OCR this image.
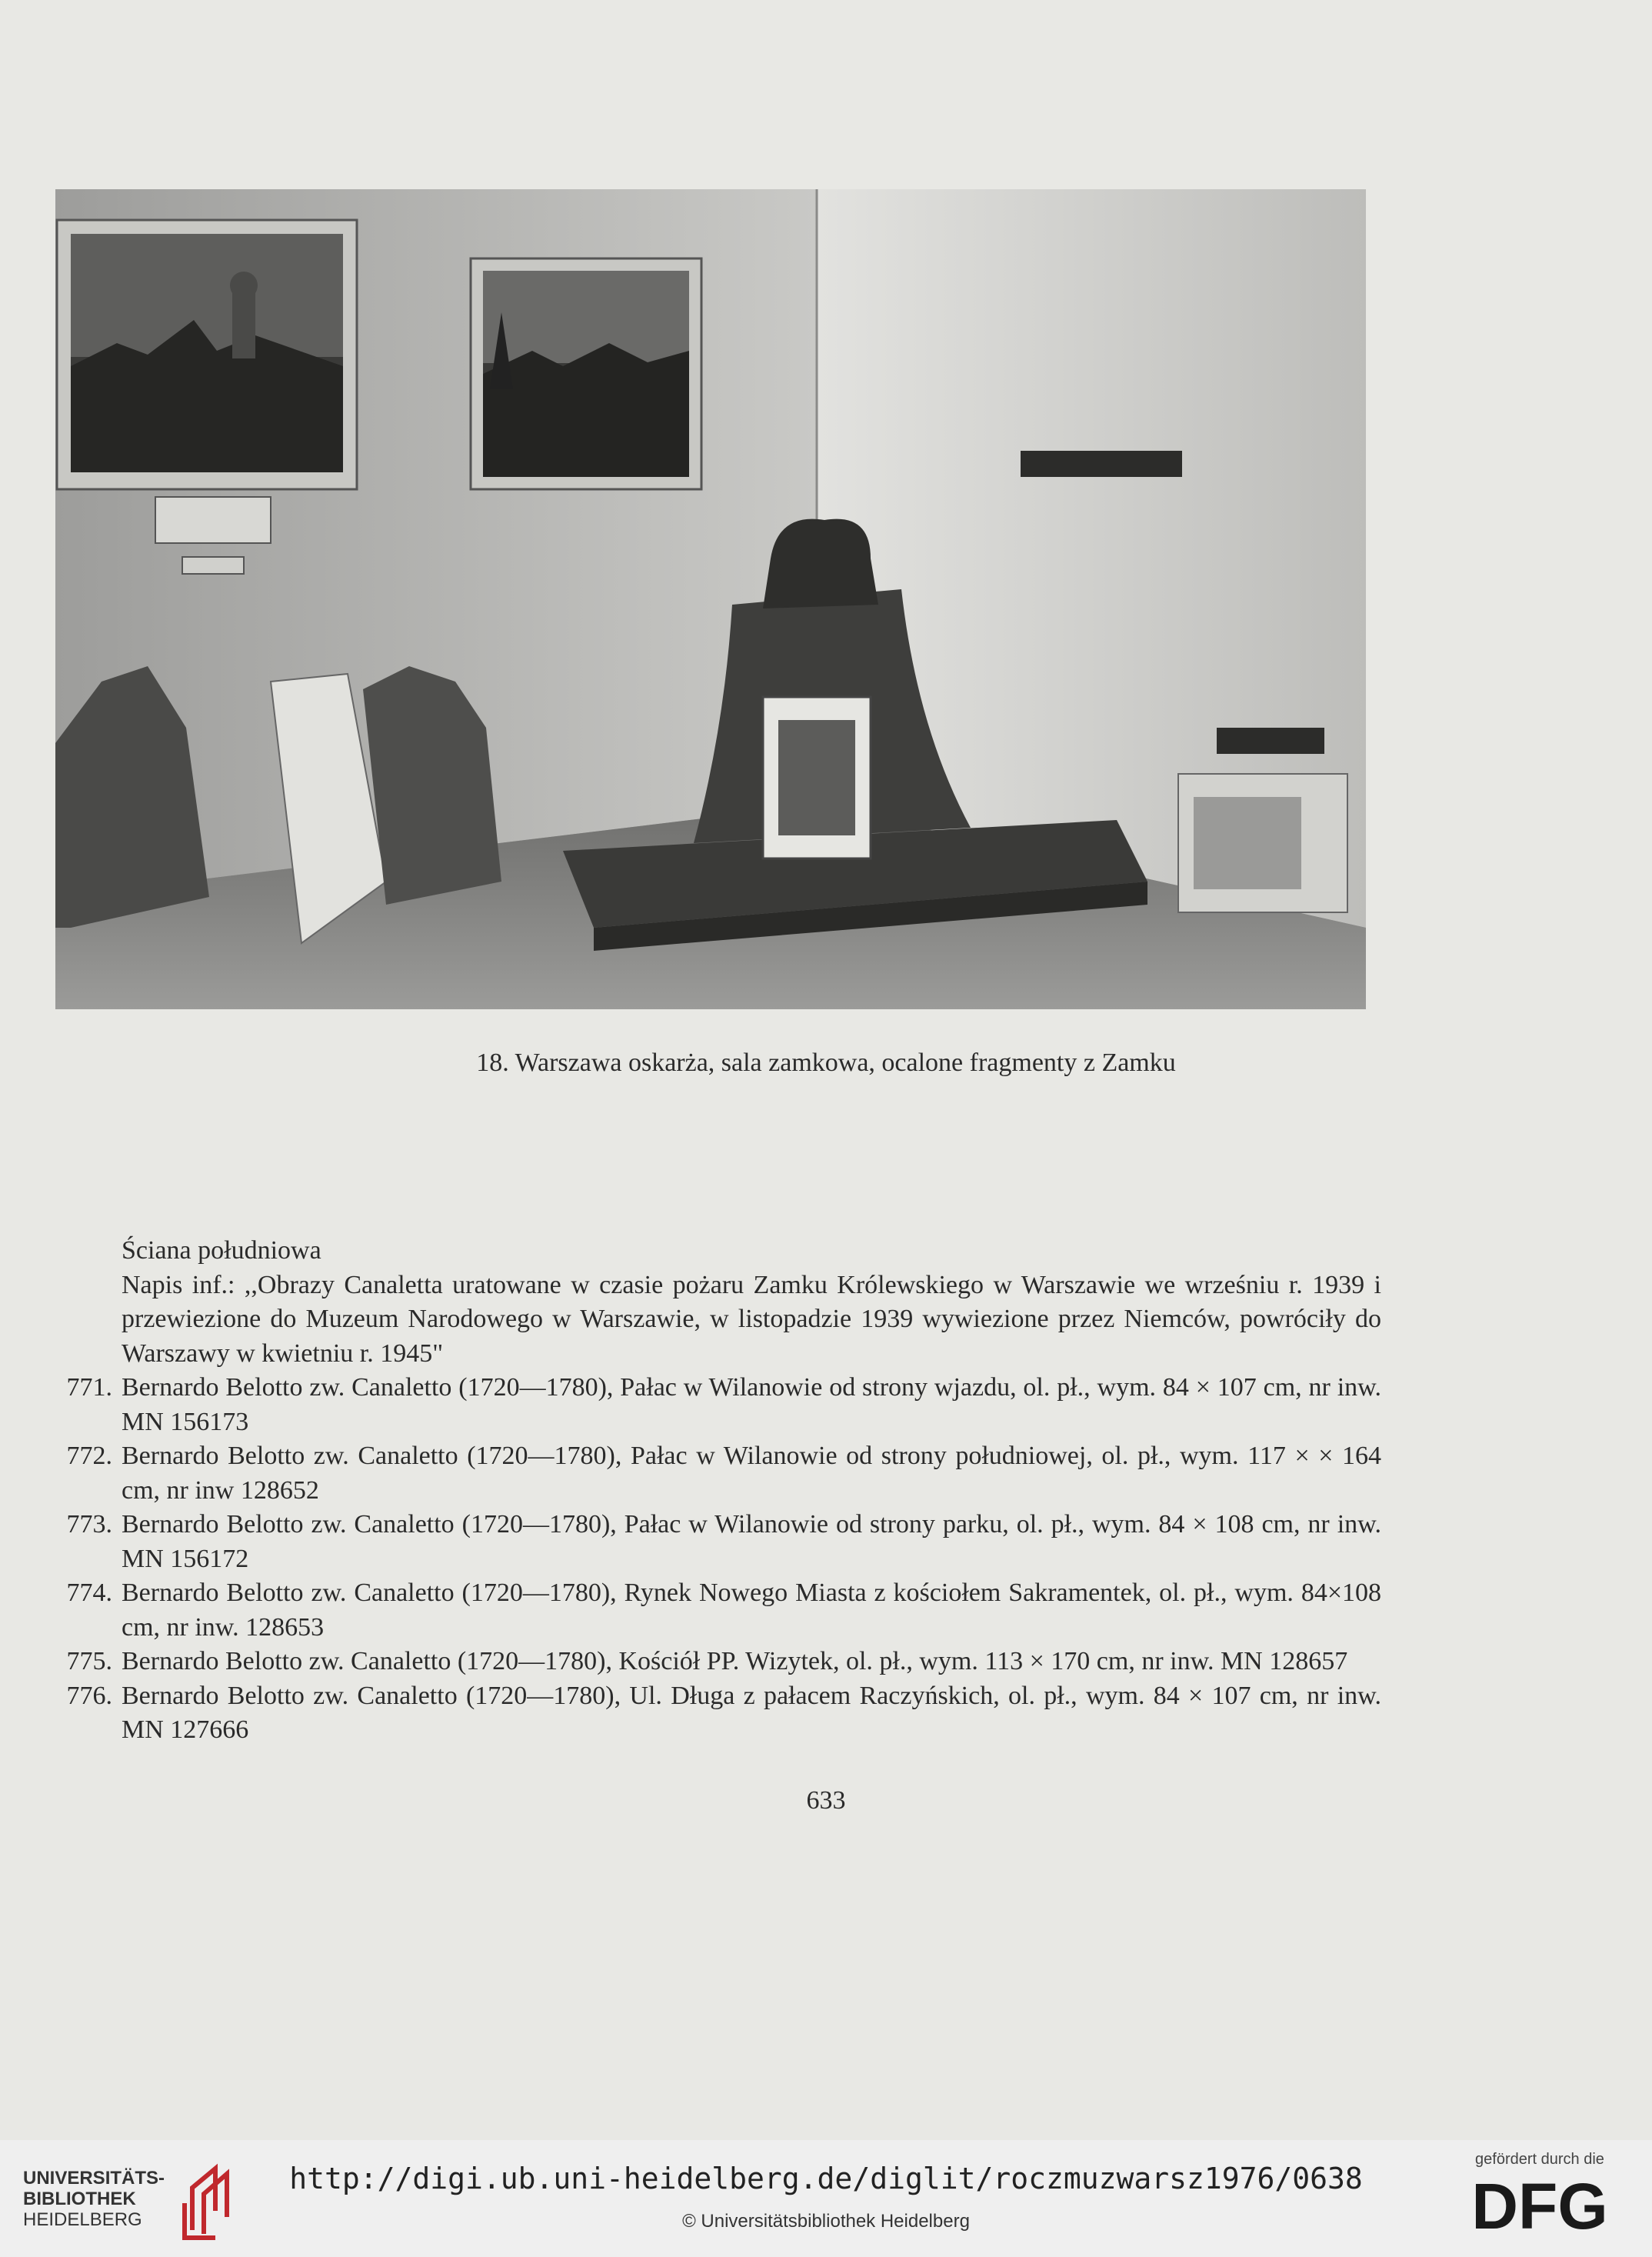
18. Warszawa oskarża, sala zamkowa, ocalone fragmenty z Zamku
Ściana południowa
Napis inf.: ,,Obrazy Canaletta uratowane w czasie pożaru Zamku Królewskiego w Warszawie we wrześniu r. 1939 i przewiezione do Muzeum Narodowego w Warszawie, w listopadzie 1939 wywiezione przez Niemców, powróciły do Warszawy w kwietniu r. 1945"
771. Bernardo Belotto zw. Canaletto (1720—1780), Pałac w Wilanowie od strony wjazdu, ol. pł., wym. 84 × 107 cm, nr inw. MN 156173
772. Bernardo Belotto zw. Canaletto (1720—1780), Pałac w Wilanowie od strony południowej, ol. pł., wym. 117 × × 164 cm, nr inw 128652
773. Bernardo Belotto zw. Canaletto (1720—1780), Pałac w Wilanowie od strony parku, ol. pł., wym. 84 × 108 cm, nr inw. MN 156172
774. Bernardo Belotto zw. Canaletto (1720—1780), Rynek Nowego Miasta z kościołem Sakramentek, ol. pł., wym. 84×108 cm, nr inw. 128653
775. Bernardo Belotto zw. Canaletto (1720—1780), Kościół PP. Wizytek, ol. pł., wym. 113 × 170 cm, nr inw. MN 128657
776. Bernardo Belotto zw. Canaletto (1720—1780), Ul. Długa z pałacem Raczyńskich, ol. pł., wym. 84 × 107 cm, nr inw. MN 127666
633
UNIVERSITÄTS-
BIBLIOTHEK
HEIDELBERG
http://digi.ub.uni-heidelberg.de/diglit/roczmuzwarsz1976/0638
© Universitätsbibliothek Heidelberg
gefördert durch die
DFG
